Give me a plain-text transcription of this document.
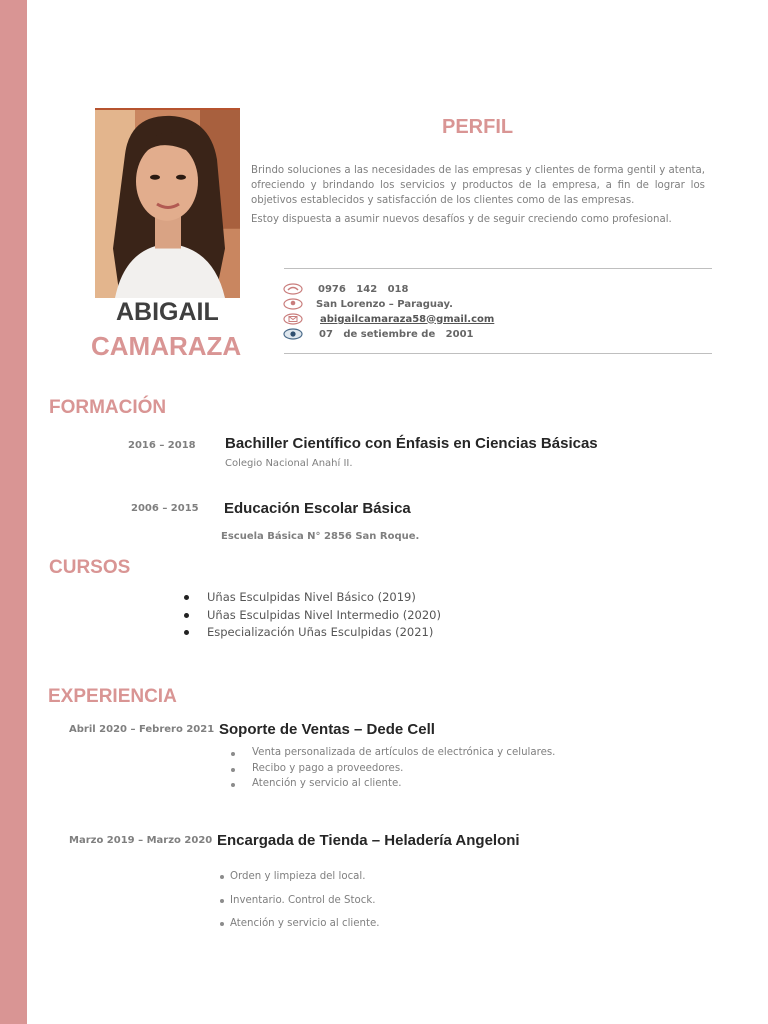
ABIGAIL
CAMARAZA
PERFIL

Brindo soluciones a las necesidades de las empresas y clientes de forma gentil y atenta, ofreciendo y brindando los servicios y productos de la empresa, a fin de lograr los objetivos establecidos y satisfacción de los clientes como de las empresas.

Estoy dispuesta a asumir nuevos desafíos y de seguir creciendo como profesional.

0976   142   018
San Lorenzo – Paraguay.
abigailcamaraza58@gmail.com
07   de setiembre de   2001
FORMACIÓN
2016 – 2018 Bachiller Científico con Énfasis en Ciencias Básicas
Colegio Nacional Anahí II.
2006 – 2015 Educación Escolar Básica
Escuela Básica N° 2856 San Roque.
CURSOS
Uñas Esculpidas Nivel Básico (2019)
Uñas Esculpidas Nivel Intermedio (2020)
Especialización Uñas Esculpidas (2021)
EXPERIENCIA
Abril 2020 – Febrero 2021 Soporte de Ventas – Dede Cell
Venta personalizada de artículos de electrónica y celulares.
Recibo y pago a proveedores.
Atención y servicio al cliente.
Marzo 2019 – Marzo 2020 Encargada de Tienda – Heladería Angeloni
Orden y limpieza del local.
Inventario. Control de Stock.
Atención y servicio al cliente.
